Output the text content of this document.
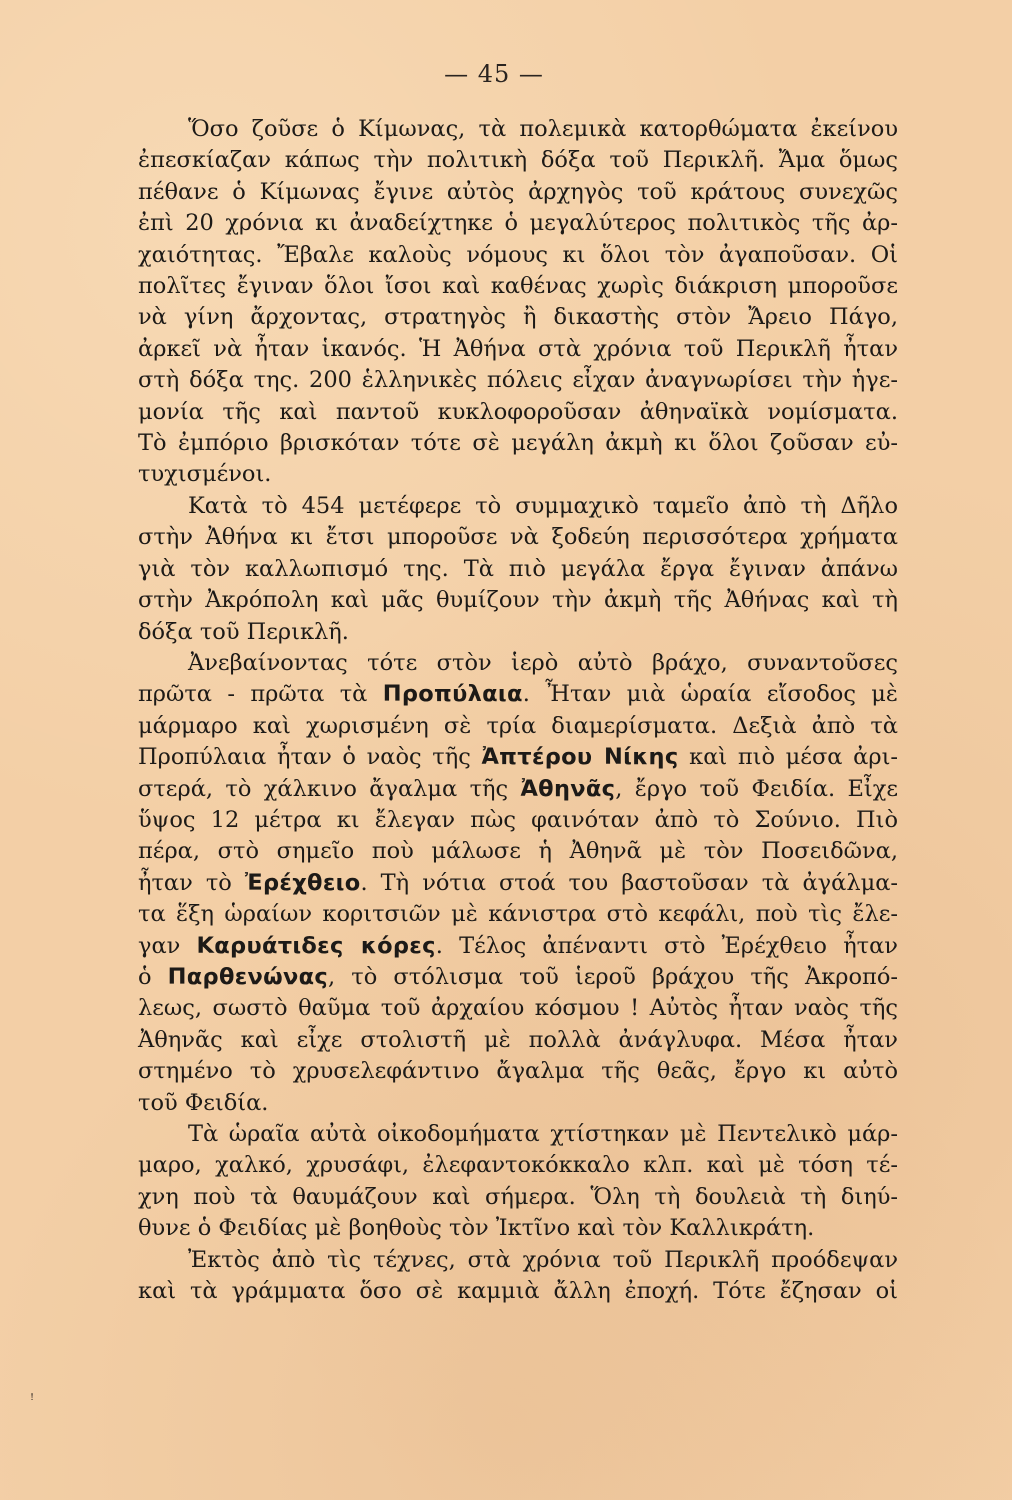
— 45 —
Ὅσο ζοῦσε ὁ Κίμωνας, τὰ πολεμικὰ κατορθώματα ἐκείνου
ἐπεσκίαζαν κάπως τὴν πολιτικὴ δόξα τοῦ Περικλῆ. Ἄμα ὅμως
πέθανε ὁ Κίμωνας ἔγινε αὐτὸς ἀρχηγὸς τοῦ κράτους συνεχῶς
ἐπὶ 20 χρόνια κι ἀναδείχτηκε ὁ μεγαλύτερος πολιτικὸς τῆς ἀρ-
χαιότητας. Ἔβαλε καλοὺς νόμους κι ὅλοι τὸν ἀγαποῦσαν. Οἱ
πολῖτες ἔγιναν ὅλοι ἴσοι καὶ καθένας χωρὶς διάκριση μποροῦσε
νὰ γίνη ἄρχοντας, στρατηγὸς ἢ δικαστὴς στὸν Ἄρειο Πάγο,
ἀρκεῖ νὰ ἦταν ἱκανός. Ἡ Ἀθήνα στὰ χρόνια τοῦ Περικλῆ ἦταν
στὴ δόξα της. 200 ἑλληνικὲς πόλεις εἶχαν ἀναγνωρίσει τὴν ἡγε-
μονία τῆς καὶ παντοῦ κυκλοφοροῦσαν ἀθηναϊκὰ νομίσματα.
Τὸ ἐμπόριο βρισκόταν τότε σὲ μεγάλη ἀκμὴ κι ὅλοι ζοῦσαν εὐ-
τυχισμένοι.
Κατὰ τὸ 454 μετέφερε τὸ συμμαχικὸ ταμεῖο ἀπὸ τὴ Δῆλο
στὴν Ἀθήνα κι ἔτσι μποροῦσε νὰ ξοδεύη περισσότερα χρήματα
γιὰ τὸν καλλωπισμό της. Τὰ πιὸ μεγάλα ἔργα ἔγιναν ἀπάνω
στὴν Ἀκρόπολη καὶ μᾶς θυμίζουν τὴν ἀκμὴ τῆς Ἀθήνας καὶ τὴ
δόξα τοῦ Περικλῆ.
Ἀνεβαίνοντας τότε στὸν ἱερὸ αὐτὸ βράχο, συναντοῦσες
πρῶτα - πρῶτα τὰ Προπύλαια. Ἦταν μιὰ ὡραία εἴσοδος μὲ
μάρμαρο καὶ χωρισμένη σὲ τρία διαμερίσματα. Δεξιὰ ἀπὸ τὰ
Προπύλαια ἦταν ὁ ναὸς τῆς Ἀπτέρου Νίκης καὶ πιὸ μέσα ἀρι-
στερά, τὸ χάλκινο ἄγαλμα τῆς Ἀθηνᾶς, ἔργο τοῦ Φειδία. Εἶχε
ὕψος 12 μέτρα κι ἔλεγαν πὼς φαινόταν ἀπὸ τὸ Σούνιο. Πιὸ
πέρα, στὸ σημεῖο ποὺ μάλωσε ἡ Ἀθηνᾶ μὲ τὸν Ποσειδῶνα,
ἦταν τὸ Ἐρέχθειο. Τὴ νότια στοά του βαστοῦσαν τὰ ἀγάλμα-
τα ἕξη ὡραίων κοριτσιῶν μὲ κάνιστρα στὸ κεφάλι, ποὺ τὶς ἔλε-
γαν Καρυάτιδες κόρες. Τέλος ἀπέναντι στὸ Ἐρέχθειο ἦταν
ὁ Παρθενώνας, τὸ στόλισμα τοῦ ἱεροῦ βράχου τῆς Ἀκροπό-
λεως, σωστὸ θαῦμα τοῦ ἀρχαίου κόσμου ! Αὐτὸς ἦταν ναὸς τῆς
Ἀθηνᾶς καὶ εἶχε στολιστῆ μὲ πολλὰ ἀνάγλυφα. Μέσα ἦταν
στημένο τὸ χρυσελεφάντινο ἄγαλμα τῆς θεᾶς, ἔργο κι αὐτὸ
τοῦ Φειδία.
Τὰ ὡραῖα αὐτὰ οἰκοδομήματα χτίστηκαν μὲ Πεντελικὸ μάρ-
μαρο, χαλκό, χρυσάφι, ἐλεφαντοκόκκαλο κλπ. καὶ μὲ τόση τέ-
χνη ποὺ τὰ θαυμάζουν καὶ σήμερα. Ὅλη τὴ δουλειὰ τὴ διηύ-
θυνε ὁ Φειδίας μὲ βοηθοὺς τὸν Ἰκτῖνο καὶ τὸν Καλλικράτη.
Ἐκτὸς ἀπὸ τὶς τέχνες, στὰ χρόνια τοῦ Περικλῆ προόδεψαν
καὶ τὰ γράμματα ὅσο σὲ καμμιὰ ἄλλη ἐποχή. Τότε ἔζησαν οἱ
ꜝ
